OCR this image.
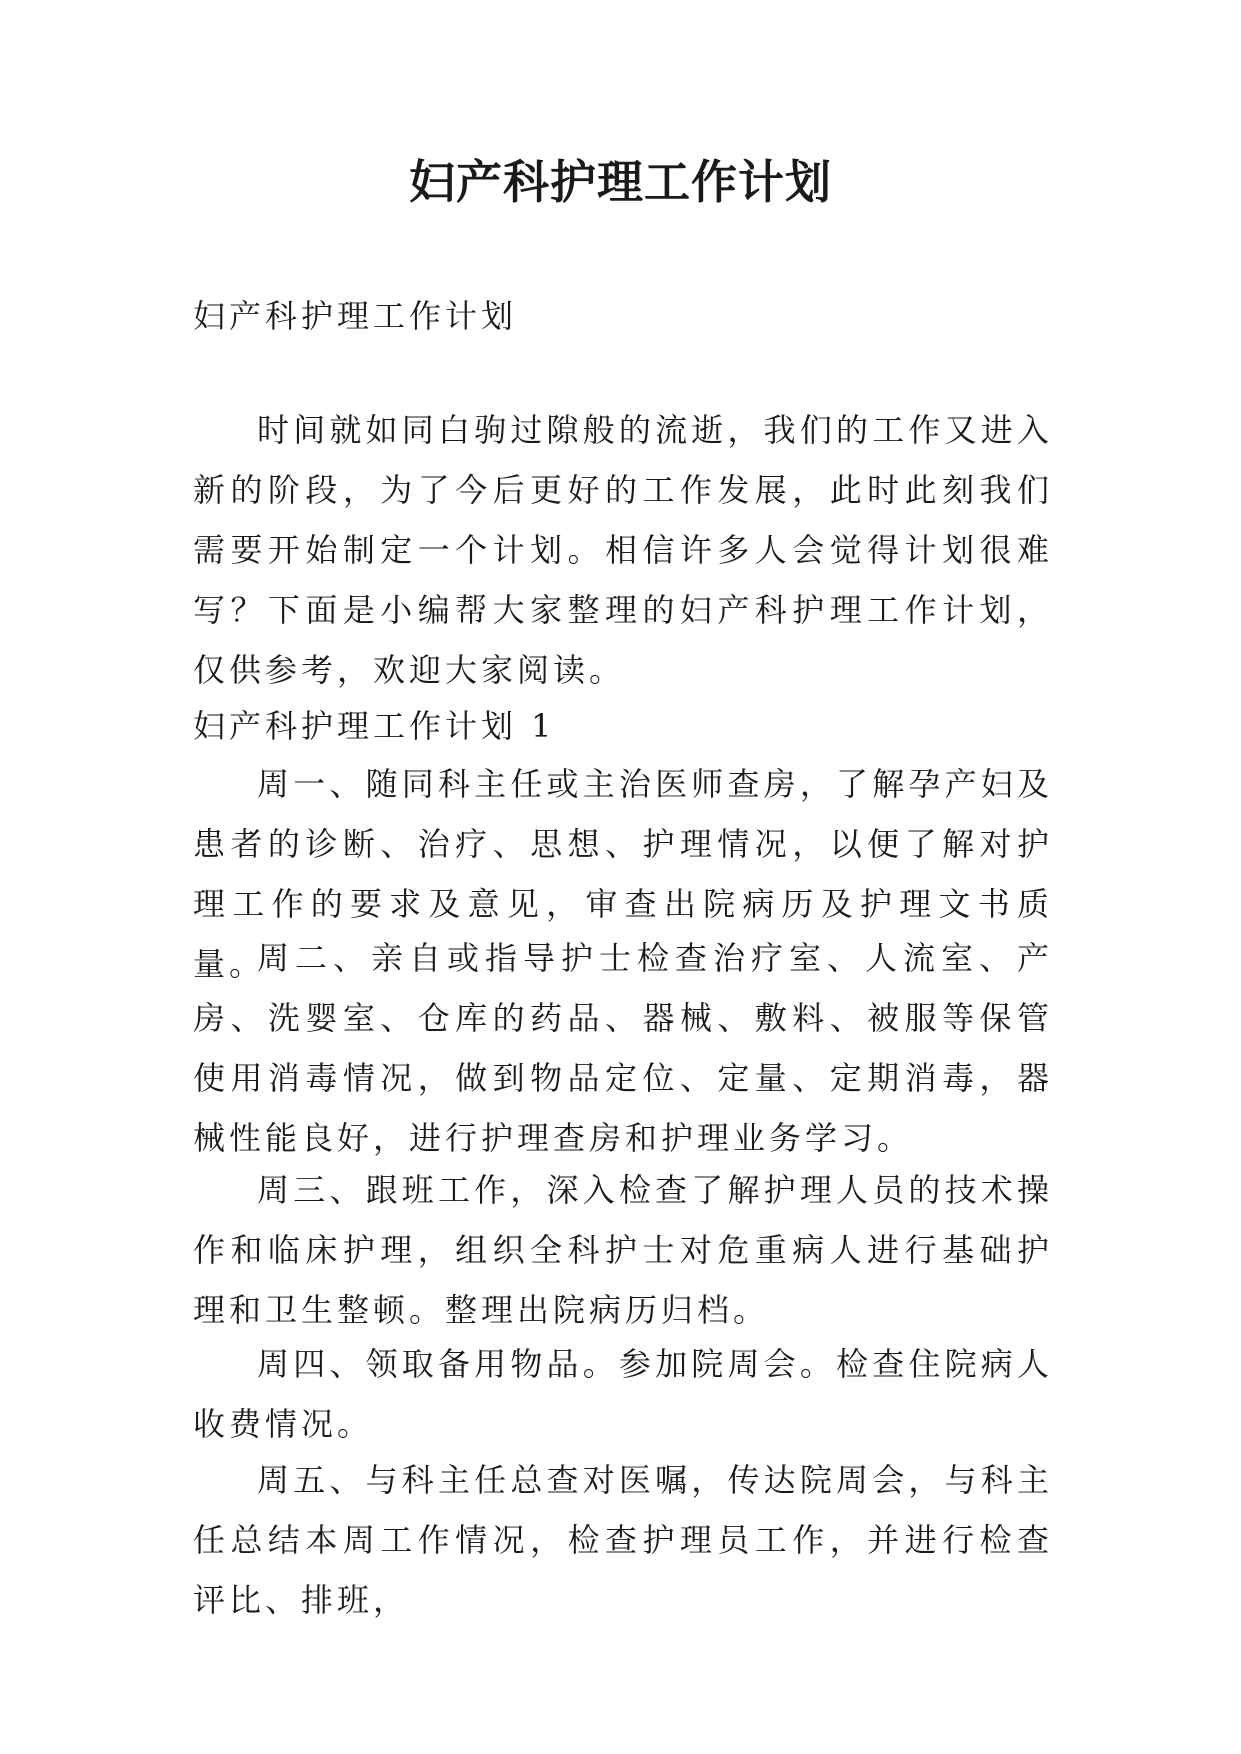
妇产科护理工作计划

妇产科护理工作计划

时间就如同白驹过隙般的流逝，我们的工作又进入新的阶段，为了今后更好的工作发展，此时此刻我们需要开始制定一个计划。相信许多人会觉得计划很难写？下面是小编帮大家整理的妇产科护理工作计划，仅供参考，欢迎大家阅读。

妇产科护理工作计划 1

周一、随同科主任或主治医师查房，了解孕产妇及患者的诊断、治疗、思想、护理情况，以便了解对护理工作的要求及意见，审查出院病历及护理文书质量。

周二、亲自或指导护士检查治疗室、人流室、产房、洗婴室、仓库的药品、器械、敷料、被服等保管使用消毒情况，做到物品定位、定量、定期消毒，器械性能良好，进行护理查房和护理业务学习。

周三、跟班工作，深入检查了解护理人员的技术操作和临床护理，组织全科护士对危重病人进行基础护理和卫生整顿。整理出院病历归档。

周四、领取备用物品。参加院周会。检查住院病人收费情况。

周五、与科主任总查对医嘱，传达院周会，与科主任总结本周工作情况，检查护理员工作，并进行检查评比、排班，
